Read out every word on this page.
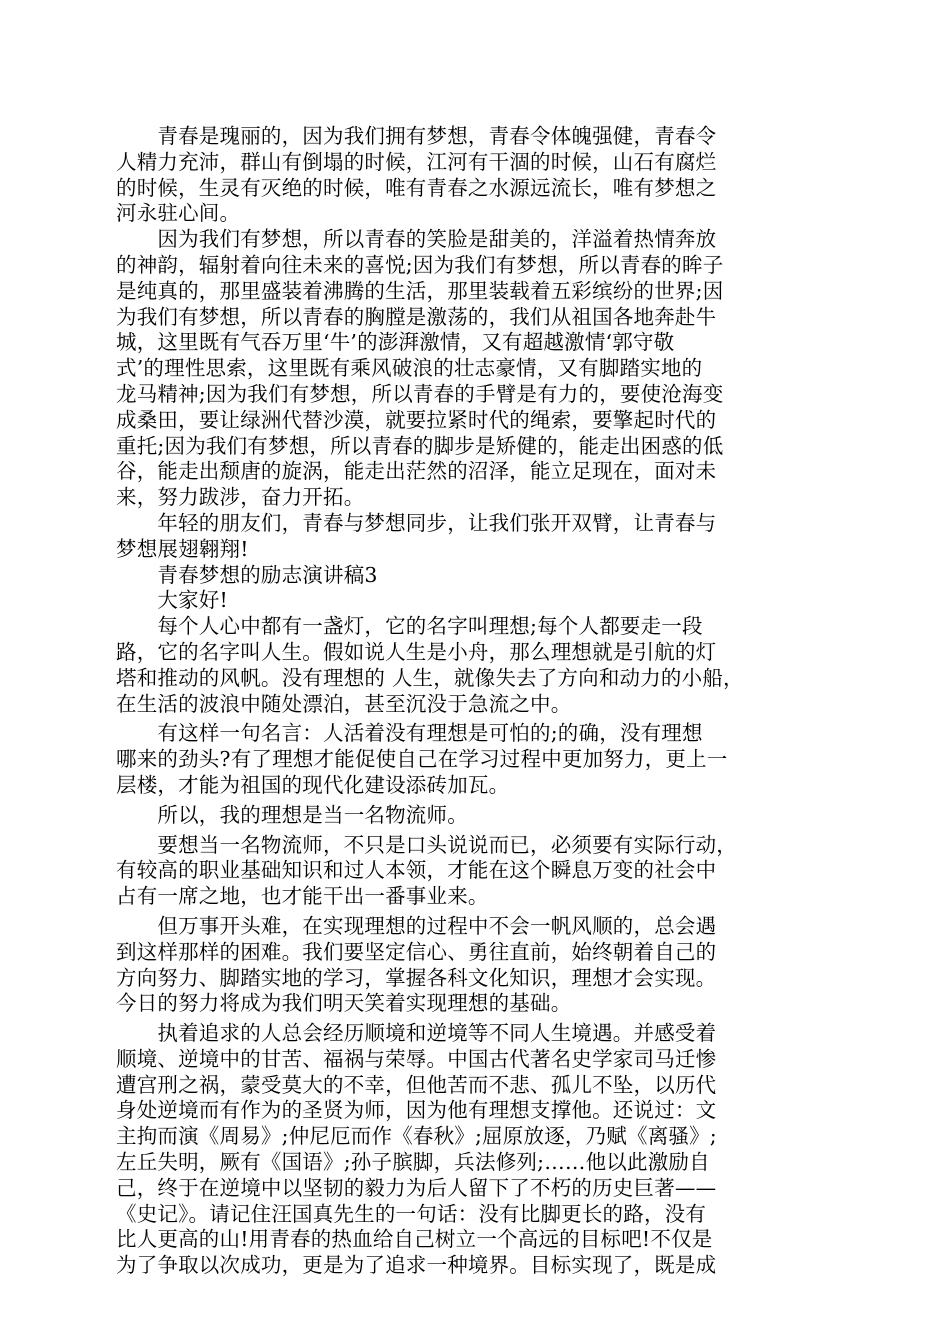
　　青春是瑰丽的，因为我们拥有梦想，青春令体魄强健，青春令
人精力充沛，群山有倒塌的时候，江河有干涸的时候，山石有腐烂
的时候，生灵有灭绝的时候，唯有青春之水源远流长，唯有梦想之
河永驻心间。
　　因为我们有梦想，所以青春的笑脸是甜美的，洋溢着热情奔放
的神韵，辐射着向往未来的喜悦;因为我们有梦想，所以青春的眸子
是纯真的，那里盛装着沸腾的生活，那里装载着五彩缤纷的世界;因
为我们有梦想，所以青春的胸膛是激荡的，我们从祖国各地奔赴牛
城，这里既有气吞万里‘牛’的澎湃激情，又有超越激情‘郭守敬
式’的理性思索，这里既有乘风破浪的壮志豪情，又有脚踏实地的
龙马精神;因为我们有梦想，所以青春的手臂是有力的，要使沧海变
成桑田，要让绿洲代替沙漠，就要拉紧时代的绳索，要擎起时代的
重托;因为我们有梦想，所以青春的脚步是矫健的，能走出困惑的低
谷，能走出颓唐的旋涡，能走出茫然的沼泽，能立足现在，面对未
来，努力跋涉，奋力开拓。
　　年轻的朋友们，青春与梦想同步，让我们张开双臂，让青春与
梦想展翅翱翔!
　　青春梦想的励志演讲稿3
　　大家好!
　　每个人心中都有一盏灯，它的名字叫理想;每个人都要走一段
路，它的名字叫人生。假如说人生是小舟，那么理想就是引航的灯
塔和推动的风帆。没有理想的 人生，就像失去了方向和动力的小船，
在生活的波浪中随处漂泊，甚至沉没于急流之中。
　　有这样一句名言：人活着没有理想是可怕的;的确，没有理想
哪来的劲头?有了理想才能促使自己在学习过程中更加努力，更上一
层楼，才能为祖国的现代化建设添砖加瓦。
　　所以，我的理想是当一名物流师。
　　要想当一名物流师，不只是口头说说而已，必须要有实际行动，
有较高的职业基础知识和过人本领，才能在这个瞬息万变的社会中
占有一席之地，也才能干出一番事业来。
　　但万事开头难，在实现理想的过程中不会一帆风顺的，总会遇
到这样那样的困难。我们要坚定信心、勇往直前，始终朝着自己的
方向努力、脚踏实地的学习，掌握各科文化知识，理想才会实现。
今日的努力将成为我们明天笑着实现理想的基础。
　　执着追求的人总会经历顺境和逆境等不同人生境遇。并感受着
顺境、逆境中的甘苦、福祸与荣辱。中国古代著名史学家司马迁惨
遭宫刑之祸，蒙受莫大的不幸，但他苦而不悲、孤儿不坠，以历代
身处逆境而有作为的圣贤为师，因为他有理想支撑他。还说过：文
主拘而演《周易》;仲尼厄而作《春秋》;屈原放逐，乃赋《离骚》;
左丘失明，厥有《国语》;孙子膑脚，兵法修列;……他以此激励自
己，终于在逆境中以坚韧的毅力为后人留下了不朽的历史巨著——
《史记》。请记住汪国真先生的一句话：没有比脚更长的路，没有
比人更高的山!用青春的热血给自己树立一个高远的目标吧!不仅是
为了争取以次成功，更是为了追求一种境界。目标实现了，既是成
